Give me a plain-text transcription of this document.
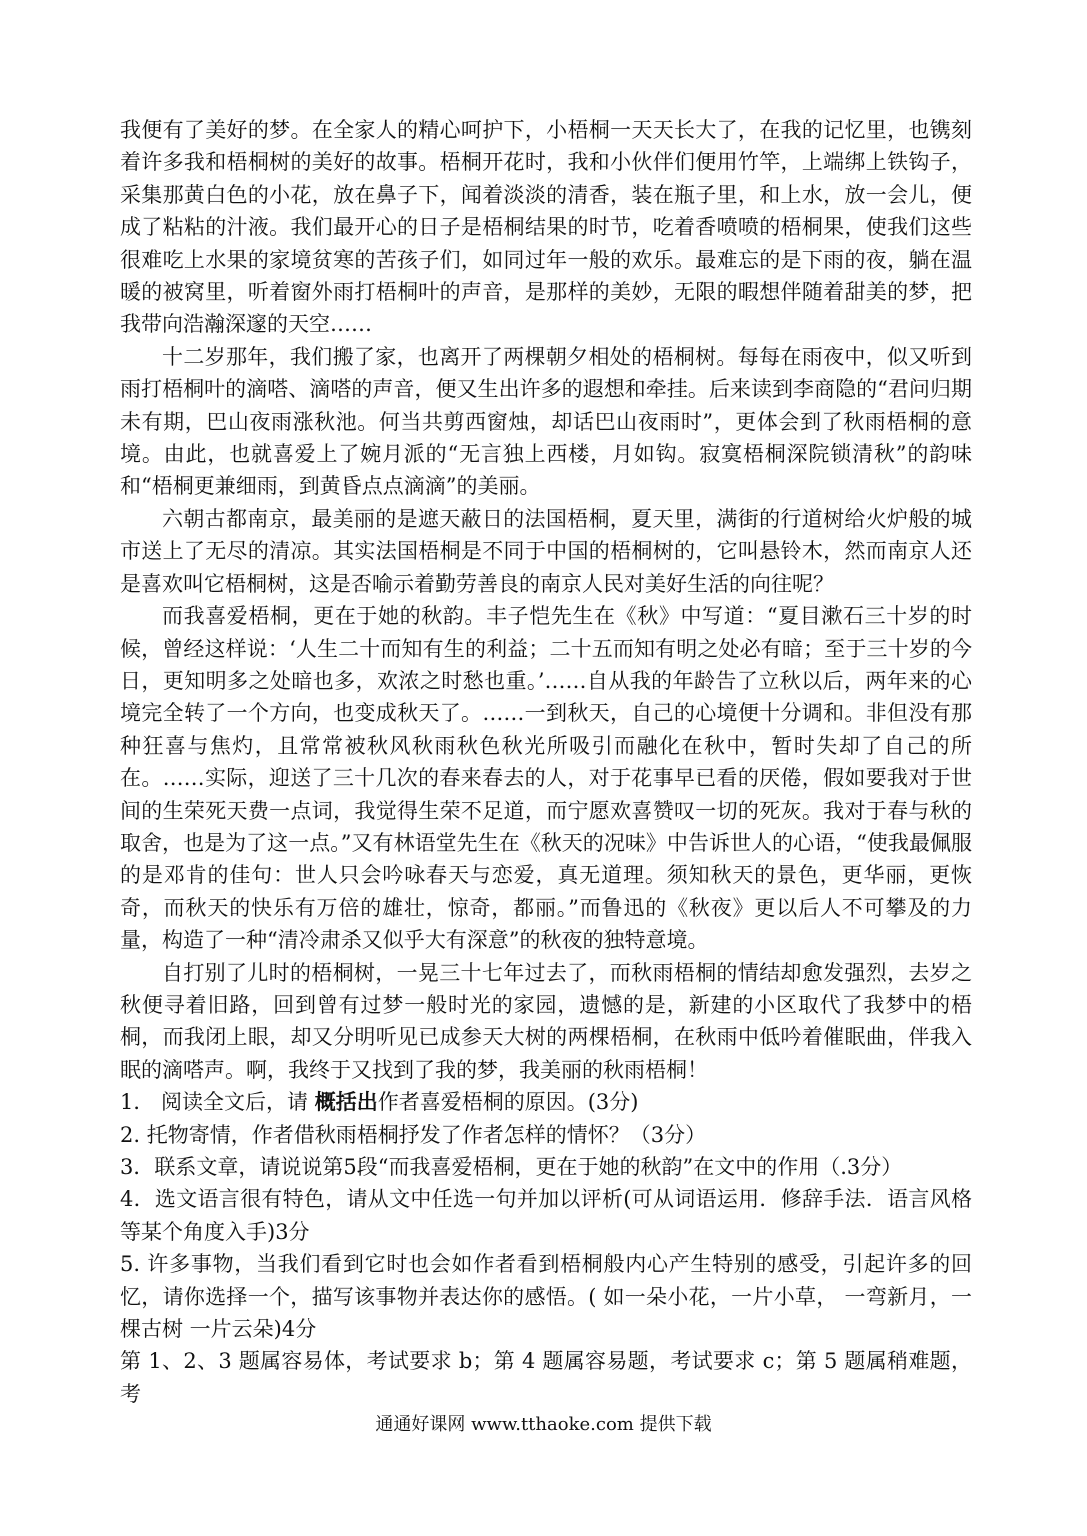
我便有了美好的梦。在全家人的精心呵护下，小梧桐一天天长大了，在我的记忆里，也镌刻着许多我和梧桐树的美好的故事。梧桐开花时，我和小伙伴们便用竹竿，上端绑上铁钩子，采集那黄白色的小花，放在鼻子下，闻着淡淡的清香，装在瓶子里，和上水，放一会儿，便成了粘粘的汁液。我们最开心的日子是梧桐结果的时节，吃着香喷喷的梧桐果，使我们这些很难吃上水果的家境贫寒的苦孩子们，如同过年一般的欢乐。最难忘的是下雨的夜，躺在温暖的被窝里，听着窗外雨打梧桐叶的声音，是那样的美妙，无限的暇想伴随着甜美的梦，把我带向浩瀚深邃的天空……

十二岁那年，我们搬了家，也离开了两棵朝夕相处的梧桐树。每每在雨夜中，似又听到雨打梧桐叶的滴嗒、滴嗒的声音，便又生出许多的遐想和牵挂。后来读到李商隐的“君问归期未有期，巴山夜雨涨秋池。何当共剪西窗烛，却话巴山夜雨时”，更体会到了秋雨梧桐的意境。由此，也就喜爱上了婉月派的“无言独上西楼，月如钩。寂寞梧桐深院锁清秋”的韵味和“梧桐更兼细雨，到黄昏点点滴滴”的美丽。

六朝古都南京，最美丽的是遮天蔽日的法国梧桐，夏天里，满街的行道树给火炉般的城市送上了无尽的清凉。其实法国梧桐是不同于中国的梧桐树的，它叫悬铃木，然而南京人还是喜欢叫它梧桐树，这是否喻示着勤劳善良的南京人民对美好生活的向往呢？

而我喜爱梧桐，更在于她的秋韵。丰子恺先生在《秋》中写道：“夏目漱石三十岁的时候，曾经这样说：‘人生二十而知有生的利益；二十五而知有明之处必有暗；至于三十岁的今日，更知明多之处暗也多，欢浓之时愁也重。’……自从我的年龄告了立秋以后，两年来的心境完全转了一个方向，也变成秋天了。……一到秋天，自己的心境便十分调和。非但没有那种狂喜与焦灼，且常常被秋风秋雨秋色秋光所吸引而融化在秋中，暂时失却了自己的所在。……实际，迎送了三十几次的春来春去的人，对于花事早已看的厌倦，假如要我对于世间的生荣死天费一点词，我觉得生荣不足道，而宁愿欢喜赞叹一切的死灰。我对于春与秋的取舍，也是为了这一点。”又有林语堂先生在《秋天的况味》中告诉世人的心语，“使我最佩服的是邓肯的佳句：世人只会吟咏春天与恋爱，真无道理。须知秋天的景色，更华丽，更恢奇，而秋天的快乐有万倍的雄壮，惊奇，都丽。”而鲁迅的《秋夜》更以后人不可攀及的力量，构造了一种“清冷肃杀又似乎大有深意”的秋夜的独特意境。

自打别了儿时的梧桐树，一晃三十七年过去了，而秋雨梧桐的情结却愈发强烈，去岁之秋便寻着旧路，回到曾有过梦一般时光的家园，遗憾的是，新建的小区取代了我梦中的梧桐，而我闭上眼，却又分明听见已成参天大树的两棵梧桐，在秋雨中低吟着催眠曲，伴我入眠的滴嗒声。啊，我终于又找到了我的梦，我美丽的秋雨梧桐！

1． 阅读全文后，请 概括出作者喜爱梧桐的原因。(3分)

2. 托物寄情，作者借秋雨梧桐抒发了作者怎样的情怀？（3分）

3．联系文章，请说说第5段“而我喜爱梧桐，更在于她的秋韵”在文中的作用（.3分）

4．选文语言很有特色，请从文中任选一句并加以评析(可从词语运用．修辞手法．语言风格等某个角度入手)3分

5. 许多事物，当我们看到它时也会如作者看到梧桐般内心产生特别的感受，引起许多的回忆，请你选择一个，描写该事物并表达你的感悟。( 如一朵小花，一片小草， 一弯新月，一棵古树 一片云朵)4分

第 1、2、3 题属容易体，考试要求 b；第 4 题属容易题，考试要求 c；第 5 题属稍难题，考

通通好课网 www.tthaoke.com 提供下载
